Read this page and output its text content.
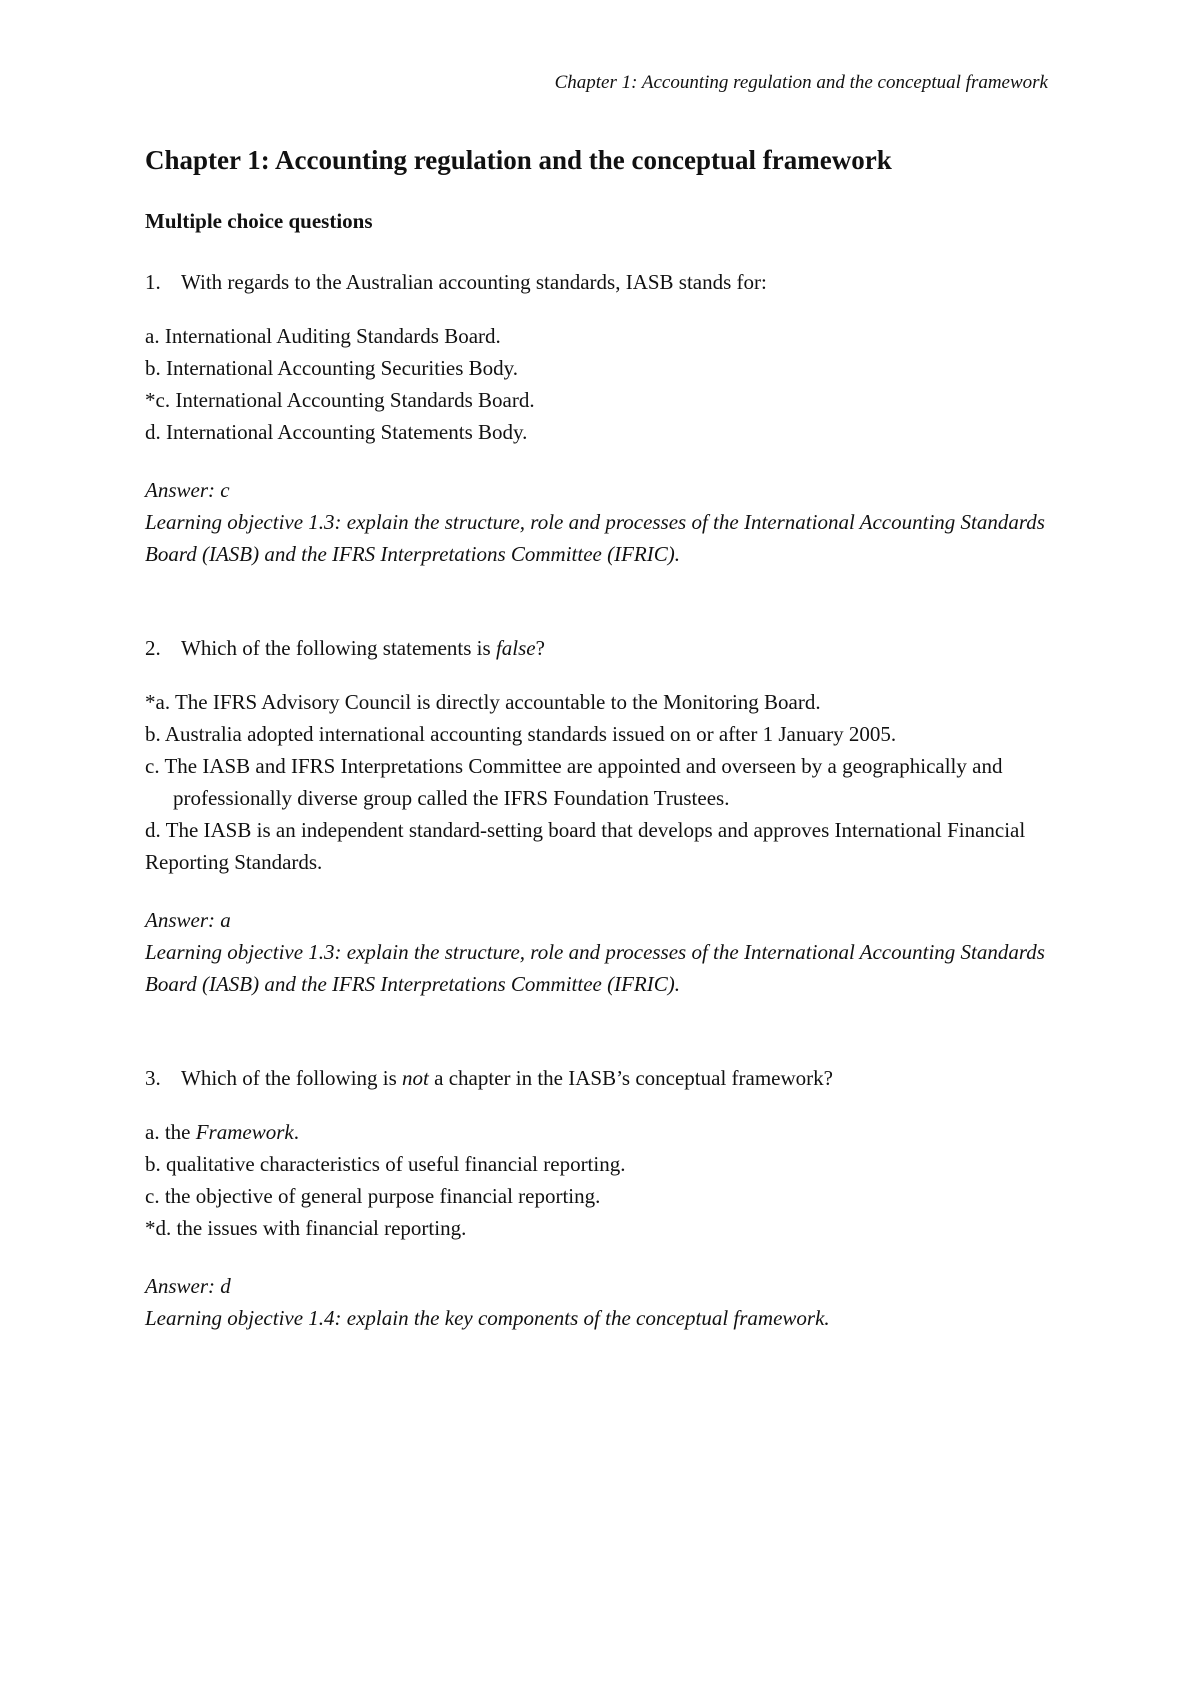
Chapter 1: Accounting regulation and the conceptual framework
Chapter 1: Accounting regulation and the conceptual framework
Multiple choice questions

1. With regards to the Australian accounting standards, IASB stands for:

a. International Auditing Standards Board.
b. International Accounting Securities Body.
*c. International Accounting Standards Board.
d. International Accounting Statements Body.

Answer: c

Learning objective 1.3: explain the structure, role and processes of the International Accounting Standards Board (IASB) and the IFRS Interpretations Committee (IFRIC).

2. Which of the following statements is false?

*a. The IFRS Advisory Council is directly accountable to the Monitoring Board.
b. Australia adopted international accounting standards issued on or after 1 January 2005.
c. The IASB and IFRS Interpretations Committee are appointed and overseen by a geographically and professionally diverse group called the IFRS Foundation Trustees.
d. The IASB is an independent standard-setting board that develops and approves International Financial Reporting Standards.

Answer: a

Learning objective 1.3: explain the structure, role and processes of the International Accounting Standards Board (IASB) and the IFRS Interpretations Committee (IFRIC).

3. Which of the following is not a chapter in the IASB’s conceptual framework?

a. the Framework.
b. qualitative characteristics of useful financial reporting.
c. the objective of general purpose financial reporting.
*d. the issues with financial reporting.

Answer: d

Learning objective 1.4: explain the key components of the conceptual framework.
